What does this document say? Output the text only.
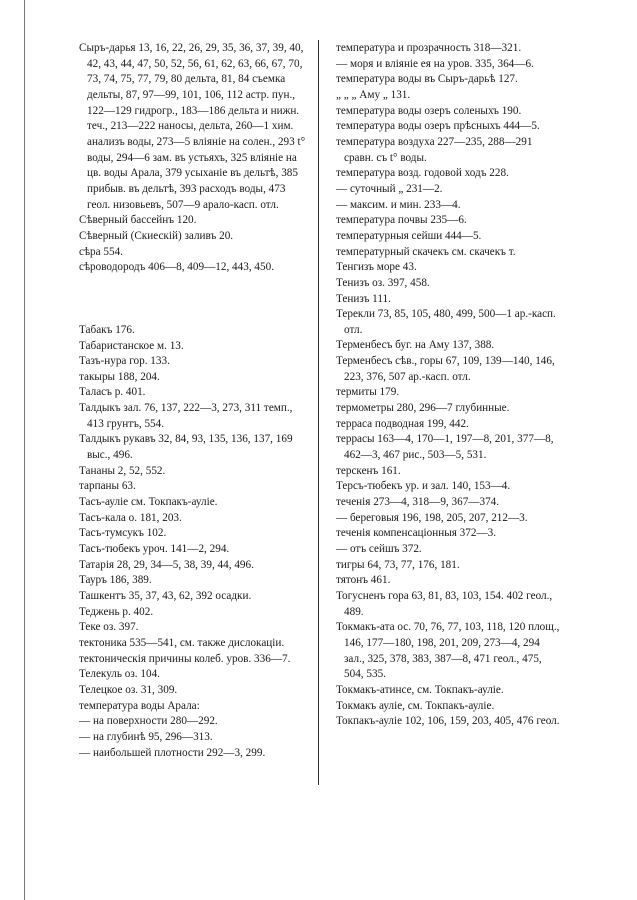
Сыръ-дарья 13, 16, 22, 26, 29, 35, 36, 37, 39, 40, 42, 43, 44, 47, 50, 52, 56, 61, 62, 63, 66, 67, 70, 73, 74, 75, 77, 79, 80 дельта, 81, 84 съемка дельты, 87, 97—99, 101, 106, 112 астр. пун., 122—129 гидрогр., 183—186 дельта и нижн. теч., 213—222 наносы, дельта, 260—1 хим. анализъ воды, 273—5 вліяніе на солен., 293 t° воды, 294—6 зам. въ устьяхъ, 325 вліяніе на цв. воды Арала, 379 усыханіе въ дельтѣ, 385 прибыв. въ дельтѣ, 393 расходъ воды, 473 геол. низовьевъ, 507—9 арало-касп. отл.

Сѣверный бассейнъ 120.

Сѣверный (Скиескій) заливъ 20.

сѣра 554.

сѣроводородъ 406—8, 409—12, 443, 450.

Табакъ 176.

Табаристанское м. 13.

Тазъ-нура гор. 133.

такыры 188, 204.

Таласъ р. 401.

Талдыкъ зал. 76, 137, 222—3, 273, 311 темп., 413 грунтъ, 554.

Талдыкъ рукавъ 32, 84, 93, 135, 136, 137, 169 выс., 496.

Тананы 2, 52, 552.

тарпаны 63.

Тасъ-ауліе см. Токпакъ-ауліе.

Тасъ-кала о. 181, 203.

Тасъ-тумсукъ 102.

Тасъ-тюбекъ уроч. 141—2, 294.

Татарія 28, 29, 34—5, 38, 39, 44, 496.

Тауръ 186, 389.

Ташкентъ 35, 37, 43, 62, 392 осадки.

Теджень р. 402.

Теке оз. 397.

тектоника 535—541, см. также дислокаціи.

тектоническія причины колеб. уров. 336—7.

Телекуль оз. 104.

Телецкое оз. 31, 309.

температура воды Арала:

— на поверхности 280—292.

— на глубинѣ 95, 296—313.

— наибольшей плотности 292—3, 299.

температура и прозрачность 318—321.

— моря и вліяніе ея на уров. 335, 364—6.

температура воды въ Сыръ-дарьѣ 127.

„ „ „ Аму „ 131.

температура воды озеръ соленыхъ 190.

температура воды озеръ прѣсныхъ 444—5.

температура воздуха 227—235, 288—291 сравн. съ t° воды.

температура возд. годовой ходъ 228.

— суточный „ 231—2.

— максим. и мин. 233—4.

температура почвы 235—6.

температурныя сейши 444—5.

температурный скачекъ см. скачекъ т.

Тенгизъ море 43.

Тенизъ оз. 397, 458.

Тенизъ 111.

Терекли 73, 85, 105, 480, 499, 500—1 ар.-касп. отл.

Терменбесъ буг. на Аму 137, 388.

Терменбесъ сѣв., горы 67, 109, 139—140, 146, 223, 376, 507 ар.-касп. отл.

термиты 179.

термометры 280, 296—7 глубинные.

терраса подводная 199, 442.

террасы 163—4, 170—1, 197—8, 201, 377—8, 462—3, 467 рис., 503—5, 531.

терскенъ 161.

Терсъ-тюбекъ ур. и зал. 140, 153—4.

теченія 273—4, 318—9, 367—374.

— береговыя 196, 198, 205, 207, 212—3.

теченія компенсаціонныя 372—3.

— отъ сейшъ 372.

тигры 64, 73, 77, 176, 181.

тятонъ 461.

Тогусненъ гора 63, 81, 83, 103, 154. 402 геол., 489.

Токмакъ-ата ос. 70, 76, 77, 103, 118, 120 площ., 146, 177—180, 198, 201, 209, 273—4, 294 зал., 325, 378, 383, 387—8, 471 геол., 475, 504, 535.

Токмакъ-атинсе, см. Токпакъ-ауліе.

Токмакъ ауліе, см. Токпакъ-ауліе.

Токпакъ-ауліе 102, 106, 159, 203, 405, 476 геол.
